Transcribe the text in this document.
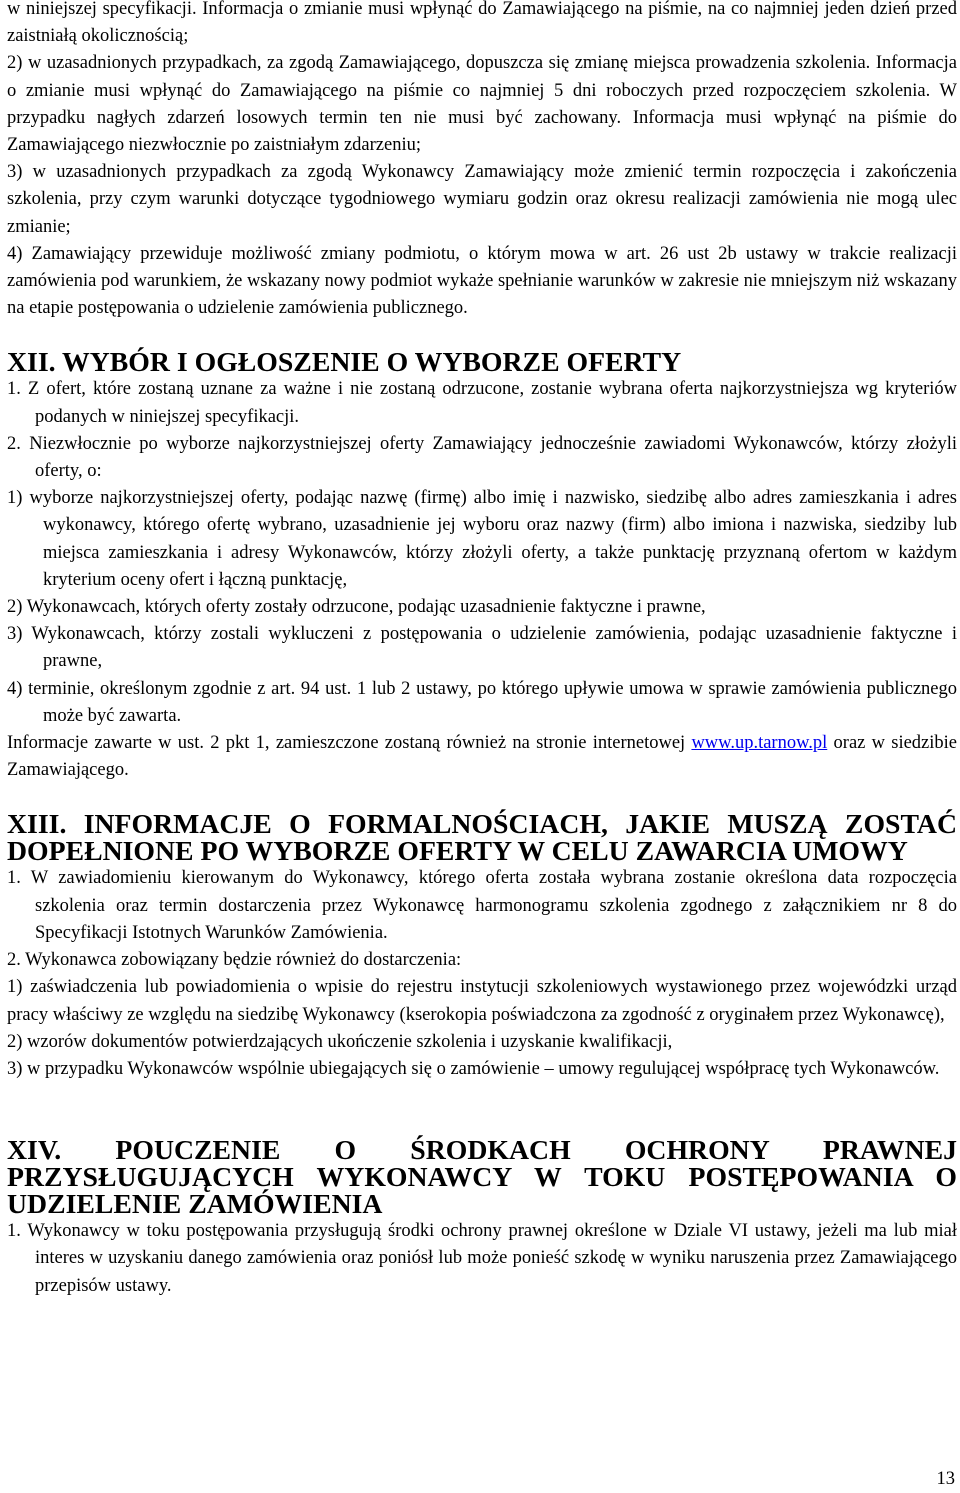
w niniejszej specyfikacji. Informacja o zmianie musi wpłynąć do Zamawiającego na piśmie, na co najmniej jeden dzień przed zaistniałą okolicznością;

2) w uzasadnionych przypadkach, za zgodą Zamawiającego, dopuszcza się zmianę miejsca prowadzenia szkolenia. Informacja o zmianie musi wpłynąć do Zamawiającego na piśmie co najmniej 5 dni roboczych przed rozpoczęciem szkolenia. W przypadku nagłych zdarzeń losowych termin ten nie musi być zachowany. Informacja musi wpłynąć na piśmie do Zamawiającego niezwłocznie po zaistniałym zdarzeniu;

3) w uzasadnionych przypadkach za zgodą Wykonawcy Zamawiający może zmienić termin rozpoczęcia i zakończenia szkolenia, przy czym warunki dotyczące tygodniowego wymiaru godzin oraz okresu realizacji zamówienia nie mogą ulec zmianie;

4) Zamawiający przewiduje możliwość zmiany podmiotu, o którym mowa w art. 26 ust 2b ustawy w trakcie realizacji zamówienia pod warunkiem, że wskazany nowy podmiot wykaże spełnianie warunków w zakresie nie mniejszym niż wskazany na etapie postępowania o udzielenie zamówienia publicznego.

XII. WYBÓR I OGŁOSZENIE O WYBORZE OFERTY

1. Z ofert, które zostaną uznane za ważne i nie zostaną odrzucone, zostanie wybrana oferta najkorzystniejsza wg kryteriów podanych w niniejszej specyfikacji.

2. Niezwłocznie po wyborze najkorzystniejszej oferty Zamawiający jednocześnie zawiadomi Wykonawców, którzy złożyli oferty, o:

1) wyborze najkorzystniejszej oferty, podając nazwę (firmę) albo imię i nazwisko, siedzibę albo adres zamieszkania i adres wykonawcy, którego ofertę wybrano, uzasadnienie jej wyboru oraz nazwy (firm) albo imiona i nazwiska, siedziby lub miejsca zamieszkania i adresy Wykonawców, którzy złożyli oferty, a także punktację przyznaną ofertom w każdym kryterium oceny ofert i łączną punktację,

2) Wykonawcach, których oferty zostały odrzucone, podając uzasadnienie faktyczne i prawne,

3) Wykonawcach, którzy zostali wykluczeni z postępowania o udzielenie zamówienia, podając uzasadnienie faktyczne i prawne,

4) terminie, określonym zgodnie z art. 94 ust. 1 lub 2 ustawy, po którego upływie umowa w sprawie zamówienia publicznego może być zawarta.

Informacje zawarte w ust. 2 pkt 1, zamieszczone zostaną również na stronie internetowej www.up.tarnow.pl oraz w siedzibie Zamawiającego.

XIII. INFORMACJE O FORMALNOŚCIACH, JAKIE MUSZĄ ZOSTAĆ DOPEŁNIONE PO WYBORZE OFERTY W CELU ZAWARCIA UMOWY

1. W zawiadomieniu kierowanym do Wykonawcy, którego oferta została wybrana zostanie określona data rozpoczęcia szkolenia oraz termin dostarczenia przez Wykonawcę harmonogramu szkolenia zgodnego z załącznikiem nr 8 do Specyfikacji Istotnych Warunków Zamówienia.

2. Wykonawca zobowiązany będzie również do dostarczenia:

1) zaświadczenia lub powiadomienia o wpisie do rejestru instytucji szkoleniowych wystawionego przez wojewódzki urząd pracy właściwy ze względu na siedzibę Wykonawcy (kserokopia poświadczona za zgodność z oryginałem przez Wykonawcę),

2) wzorów dokumentów potwierdzających ukończenie szkolenia i uzyskanie kwalifikacji,

3) w przypadku Wykonawców wspólnie ubiegających się o zamówienie – umowy regulującej współpracę tych Wykonawców.

XIV. POUCZENIE O ŚRODKACH OCHRONY PRAWNEJ PRZYSŁUGUJĄCYCH WYKONAWCY W TOKU POSTĘPOWANIA O UDZIELENIE ZAMÓWIENIA

1. Wykonawcy w toku postępowania przysługują środki ochrony prawnej określone w Dziale VI ustawy, jeżeli ma lub miał interes w uzyskaniu danego zamówienia oraz poniósł lub może ponieść szkodę w wyniku naruszenia przez Zamawiającego przepisów ustawy.

13
